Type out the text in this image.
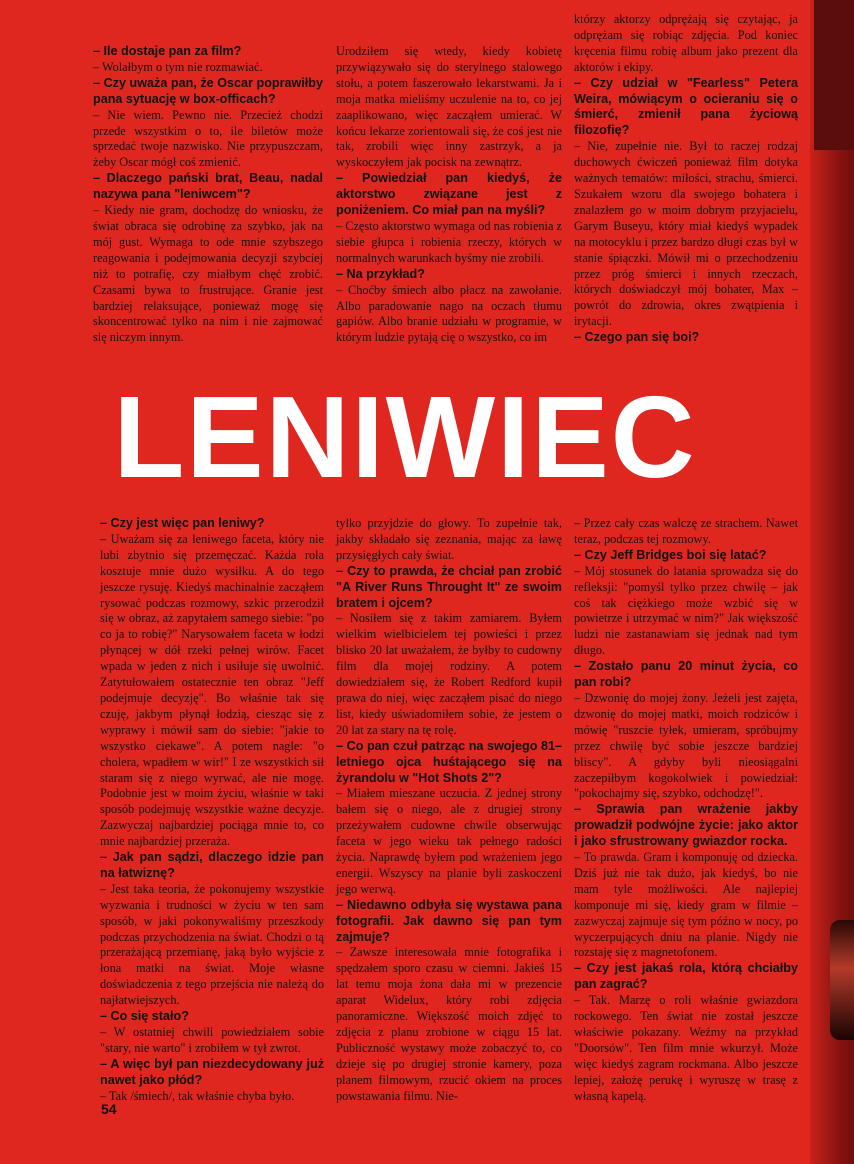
– Ile dostaje pan za film?

– Wolałbym o tym nie rozmawiać.

– Czy uważa pan, że Oscar poprawiłby pana sytuację w box-officach?

– Nie wiem. Pewno nie. Przecież chodzi przede wszystkim o to, ile biletów może sprzedać twoje nazwisko. Nie przypuszczam, żeby Oscar mógł coś zmienić.

– Dlaczego pański brat, Beau, nadal nazywa pana "leniwcem"?

– Kiedy nie gram, dochodzę do wniosku, że świat obraca się odrobinę za szybko, jak na mój gust. Wymaga to ode mnie szybszego reagowania i podejmowania decyzji szybciej niż to potrafię, czy miałbym chęć zrobić. Czasami bywa to frustrujące. Granie jest bardziej relaksujące, ponieważ mogę się skoncentrować tylko na nim i nie zajmować się niczym innym.

Urodziłem się wtedy, kiedy kobietę przywiązywało się do sterylnego stalowego stołu, a potem faszerowało lekarstwami. Ja i moja matka mieliśmy uczulenie na to, co jej zaaplikowano, więc zacząłem umierać. W końcu lekarze zorientowali się, że coś jest nie tak, zrobili więc inny zastrzyk, a ja wyskoczyłem jak pocisk na zewnątrz.

– Powiedział pan kiedyś, że aktorstwo związane jest z poniżeniem. Co miał pan na myśli?

– Często aktorstwo wymaga od nas robienia z siebie głupca i robienia rzeczy, których w normalnych warunkach byśmy nie zrobili.

– Na przykład?

– Choćby śmiech albo płacz na zawołanie. Albo paradowanie nago na oczach tłumu gapiów. Albo branie udziału w programie, w którym ludzie pytają cię o wszystko, co im

którzy aktorzy odprężają się czytając, ja odprężam się robiąc zdjęcia. Pod koniec kręcenia filmu robię album jako prezent dla aktorów i ekipy.

– Czy udział w "Fearless" Petera Weira, mówiącym o ocieraniu się o śmierć, zmienił pana życiową filozofię?

– Nie, zupełnie nie. Był to raczej rodzaj duchowych ćwiczeń ponieważ film dotyka ważnych tematów: miłości, strachu, śmierci. Szukałem wzoru dla swojego bohatera i znalazłem go w moim dobrym przyjacielu, Garym Buseyu, który miał kiedyś wypadek na motocyklu i przez bardzo długi czas był w stanie śpiączki. Mówił mi o przechodzeniu przez próg śmierci i innych rzeczach, których doświadczył mój bohater, Max – powrót do zdrowia, okres zwątpienia i irytacji.

– Czego pan się boi?

LENIWIEC

– Czy jest więc pan leniwy?

– Uważam się za leniwego faceta, który nie lubi zbytnio się przemęczać. Każda rola kosztuje mnie dużo wysiłku. A do tego jeszcze rysuję. Kiedyś machinalnie zacząłem rysować podczas rozmowy, szkic przerodził się w obraz, aż zapytałem samego siebie: "po co ja to robię?" Narysowałem faceta w łodzi płynącej w dół rzeki pełnej wirów. Facet wpada w jeden z nich i usiłuje się uwolnić. Zatytułowałem ostatecznie ten obraz "Jeff podejmuje decyzję". Bo właśnie tak się czuję, jakbym płynął łodzią, ciesząc się z wyprawy i mówił sam do siebie: "jakie to wszystko ciekawe". A potem nagle: "o cholera, wpadłem w wir!" I ze wszystkich sił staram się z niego wyrwać, ale nie mogę. Podobnie jest w moim życiu, właśnie w taki sposób podejmuję wszystkie ważne decyzje. Zazwyczaj najbardziej pociąga mnie to, co mnie najbardziej przeraża.

– Jak pan sądzi, dlaczego idzie pan na łatwiznę?

– Jest taka teoria, że pokonujemy wszystkie wyzwania i trudności w życiu w ten sam sposób, w jaki pokonywaliśmy przeszkody podczas przychodzenia na świat. Chodzi o tą przerażającą przemianę, jaką było wyjście z łona matki na świat. Moje własne doświadczenia z tego przejścia nie należą do najłatwiejszych.

– Co się stało?

– W ostatniej chwili powiedziałem sobie "stary, nie warto" i zrobiłem w tył zwrot.

– A więc był pan niezdecydowany już nawet jako płód?

– Tak /śmiech/, tak właśnie chyba było.

tylko przyjdzie do głowy. To zupełnie tak, jakby składało się zeznania, mając za ławę przysięgłych cały świat.

– Czy to prawda, że chciał pan zrobić "A River Runs Throught It" ze swoim bratem i ojcem?

– Nosiłem się z takim zamiarem. Byłem wielkim wielbicielem tej powieści i przez blisko 20 lat uważałem, że byłby to cudowny film dla mojej rodziny. A potem dowiedziałem się, że Robert Redford kupił prawa do niej, więc zacząłem pisać do niego list, kiedy uświadomiłem sobie, że jestem o 20 lat za stary na tę rolę.

– Co pan czuł patrząc na swojego 81–letniego ojca huśtającego się na żyrandolu w "Hot Shots 2"?

– Miałem mieszane uczucia. Z jednej strony bałem się o niego, ale z drugiej strony przeżywałem cudowne chwile obserwując faceta w jego wieku tak pełnego radości życia. Naprawdę byłem pod wrażeniem jego energii. Wszyscy na planie byli zaskoczeni jego werwą.

– Niedawno odbyła się wystawa pana fotografii. Jak dawno się pan tym zajmuje?

– Zawsze interesowała mnie fotografika i spędzałem sporo czasu w ciemni. Jakieś 15 lat temu moja żona dała mi w prezencie aparat Widelux, który robi zdjęcia panoramiczne. Większość moich zdjęć to zdjęcia z planu zrobione w ciągu 15 lat. Publiczność wystawy może zobaczyć to, co dzieje się po drugiej stronie kamery, poza planem filmowym, rzucić okiem na proces powstawania filmu. Nie-

– Przez cały czas walczę ze strachem. Nawet teraz, podczas tej rozmowy.

– Czy Jeff Bridges boi się latać?

– Mój stosunek do latania sprowadza się do refleksji: "pomyśl tylko przez chwilę – jak coś tak ciężkiego może wzbić się w powietrze i utrzymać w nim?" Jak większość ludzi nie zastanawiam się jednak nad tym długo.

– Zostało panu 20 minut życia, co pan robi?

– Dzwonię do mojej żony. Jeżeli jest zajęta, dzwonię do mojej matki, moich rodziców i mówię "ruszcie tyłek, umieram, spróbujmy przez chwilę być sobie jeszcze bardziej bliscy". A gdyby byli nieosiągalni zaczepiłbym kogokolwiek i powiedział: "pokochajmy się, szybko, odchodzę!".

– Sprawia pan wrażenie jakby prowadził podwójne życie: jako aktor i jako sfrustrowany gwiazdor rocka.

– To prawda. Gram i komponuję od dziecka. Dziś już nie tak dużo, jak kiedyś, bo nie mam tyle możliwości. Ale najlepiej komponuje mi się, kiedy gram w filmie – zazwyczaj zajmuje się tym późno w nocy, po wyczerpujących dniu na planie. Nigdy nie rozstaję się z magnetofonem.

– Czy jest jakaś rola, którą chciałby pan zagrać?

– Tak. Marzę o roli właśnie gwiazdora rockowego. Ten świat nie został jeszcze właściwie pokazany. Weźmy na przykład "Doorsów". Ten film mnie wkurzył. Może więc kiedyś zagram rockmana. Albo jeszcze lepiej, założę perukę i wyruszę w trasę z własną kapelą.

54
